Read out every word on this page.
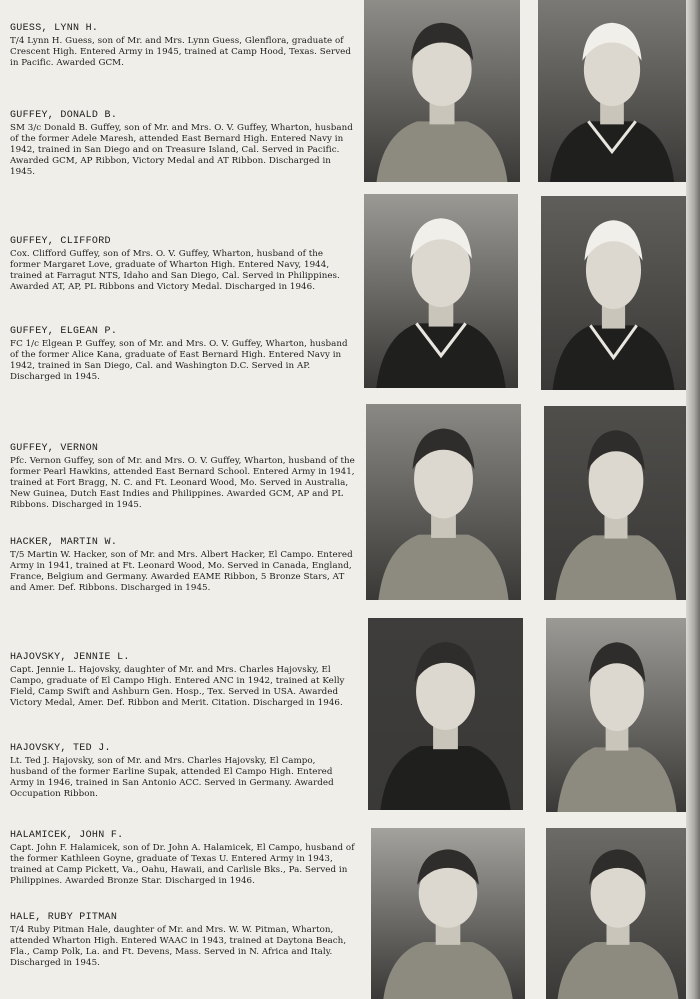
GUESS, LYNN H.

T/4 Lynn H. Guess, son of Mr. and Mrs. Lynn Guess, Glenflora, graduate of Crescent High. Entered Army in 1945, trained at Camp Hood, Texas. Served in Pacific. Awarded GCM.

GUFFEY, DONALD B.

SM 3/c Donald B. Guffey, son of Mr. and Mrs. O. V. Guffey, Wharton, husband of the former Adele Maresh, attended East Bernard High. Entered Navy in 1942, trained in San Diego and on Treasure Island, Cal. Served in Pacific. Awarded GCM, AP Ribbon, Victory Medal and AT Ribbon. Discharged in 1945.

GUFFEY, CLIFFORD

Cox. Clifford Guffey, son of Mrs. O. V. Guffey, Wharton, husband of the former Margaret Love, graduate of Wharton High. Entered Navy, 1944, trained at Farragut NTS, Idaho and San Diego, Cal. Served in Philippines. Awarded AT, AP, PL Ribbons and Victory Medal. Discharged in 1946.

GUFFEY, ELGEAN P.

FC 1/c Elgean P. Guffey, son of Mr. and Mrs. O. V. Guffey, Wharton, husband of the former Alice Kana, graduate of East Bernard High. Entered Navy in 1942, trained in San Diego, Cal. and Washington D.C. Served in AP. Discharged in 1945.

GUFFEY, VERNON

Pfc. Vernon Guffey, son of Mr. and Mrs. O. V. Guffey, Wharton, husband of the former Pearl Hawkins, attended East Bernard School. Entered Army in 1941, trained at Fort Bragg, N. C. and Ft. Leonard Wood, Mo. Served in Australia, New Guinea, Dutch East Indies and Philippines. Awarded GCM, AP and PL Ribbons. Discharged in 1945.

HACKER, MARTIN W.

T/5 Martin W. Hacker, son of Mr. and Mrs. Albert Hacker, El Campo. Entered Army in 1941, trained at Ft. Leonard Wood, Mo. Served in Canada, England, France, Belgium and Germany. Awarded EAME Ribbon, 5 Bronze Stars, AT and Amer. Def. Ribbons. Discharged in 1945.

HAJOVSKY, JENNIE L.

Capt. Jennie L. Hajovsky, daughter of Mr. and Mrs. Charles Hajovsky, El Campo, graduate of El Campo High. Entered ANC in 1942, trained at Kelly Field, Camp Swift and Ashburn Gen. Hosp., Tex. Served in USA. Awarded Victory Medal, Amer. Def. Ribbon and Merit. Citation. Discharged in 1946.

HAJOVSKY, TED J.

Lt. Ted J. Hajovsky, son of Mr. and Mrs. Charles Hajovsky, El Campo, husband of the former Earline Supak, attended El Campo High. Entered Army in 1946, trained in San Antonio ACC. Served in Germany. Awarded Occupation Ribbon.

HALAMICEK, JOHN F.

Capt. John F. Halamicek, son of Dr. John A. Halamicek, El Campo, husband of the former Kathleen Goyne, graduate of Texas U. Entered Army in 1943, trained at Camp Pickett, Va., Oahu, Hawaii, and Carlisle Bks., Pa. Served in Philippines. Awarded Bronze Star. Discharged in 1946.

HALE, RUBY PITMAN

T/4 Ruby Pitman Hale, daughter of Mr. and Mrs. W. W. Pitman, Wharton, attended Wharton High. Entered WAAC in 1943, trained at Daytona Beach, Fla., Camp Polk, La. and Ft. Devens, Mass. Served in N. Africa and Italy. Discharged in 1945.
